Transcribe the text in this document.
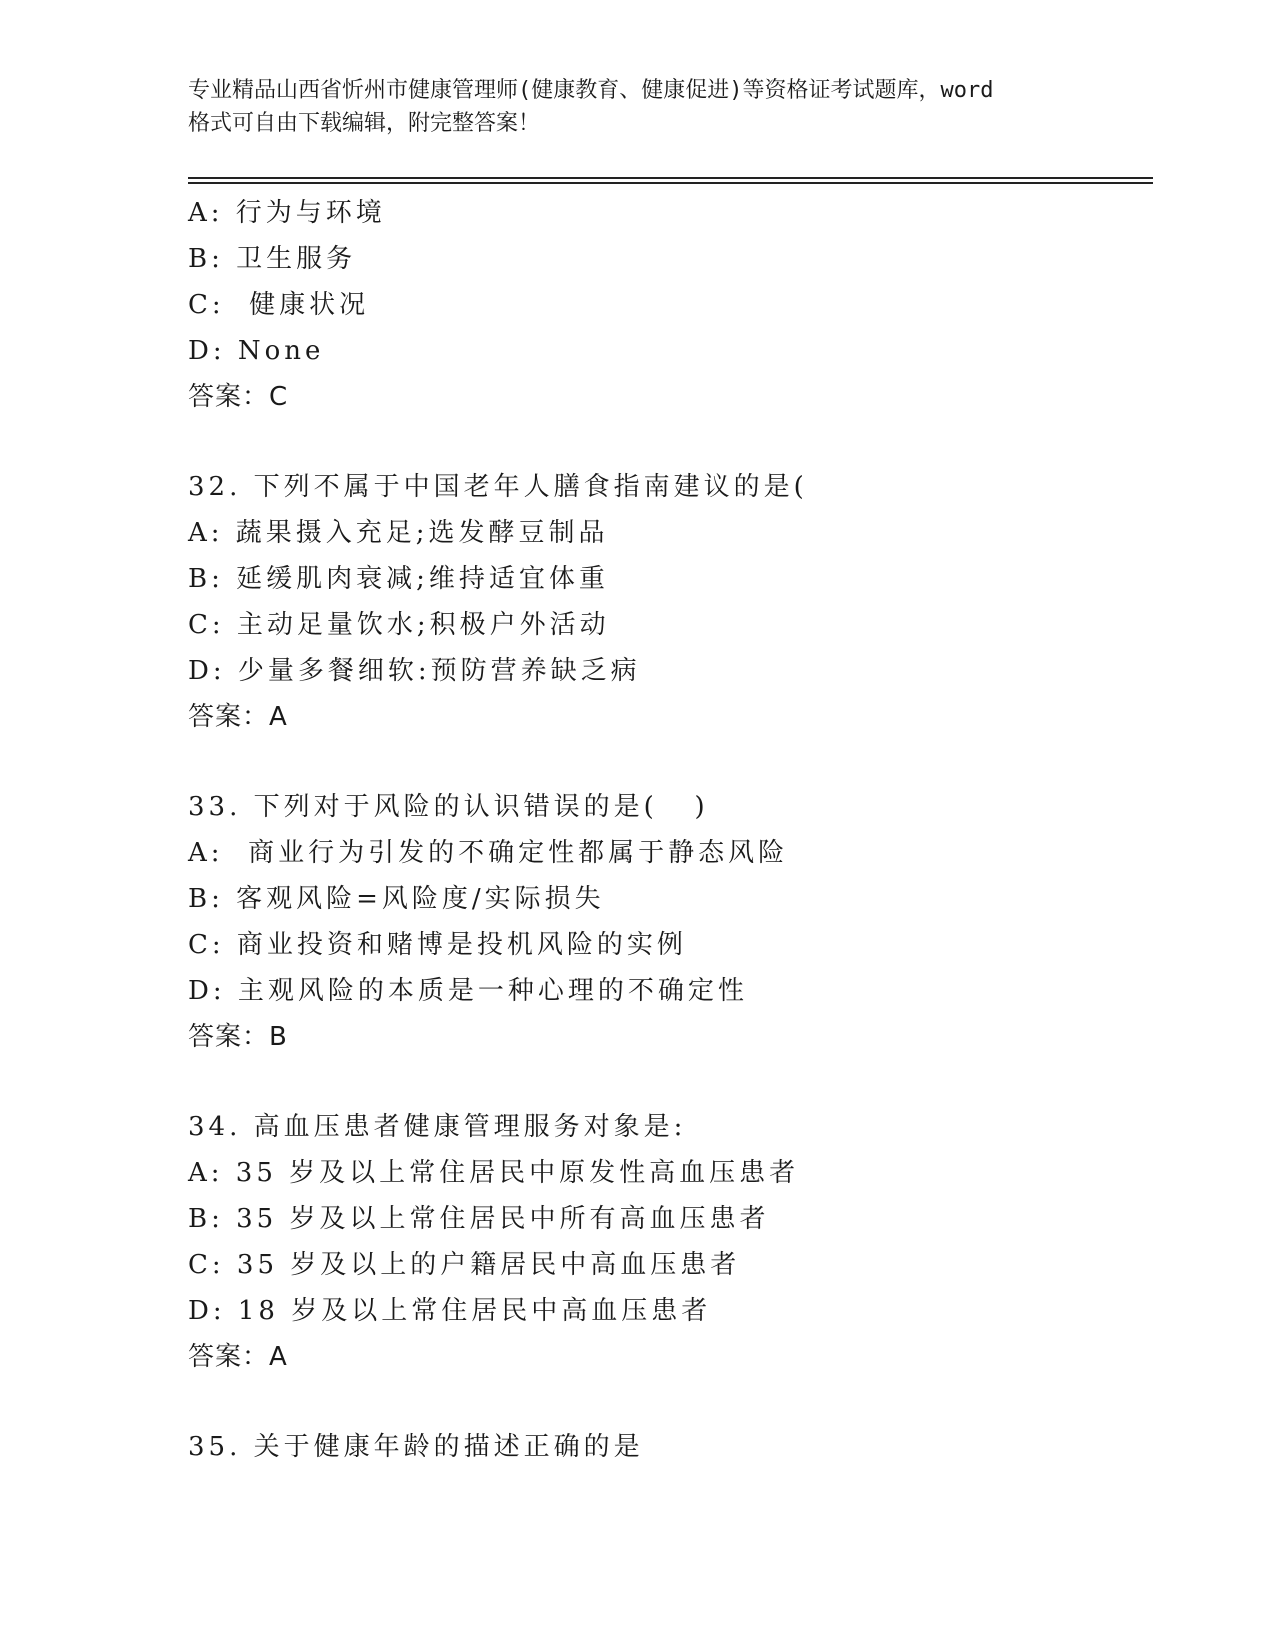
专业精品山西省忻州市健康管理师(健康教育、健康促进)等资格证考试题库，word
格式可自由下载编辑，附完整答案！
A: 行为与环境
B: 卫生服务
C:  健康状况
D: None
答案：C
32. 下列不属于中国老年人膳食指南建议的是(
A: 蔬果摄入充足;选发酵豆制品
B: 延缓肌肉衰减;维持适宜体重
C: 主动足量饮水;积极户外活动
D: 少量多餐细软:预防营养缺乏病
答案：A
33. 下列对于风险的认识错误的是(   )
A:  商业行为引发的不确定性都属于静态风险
B: 客观风险=风险度/实际损失
C: 商业投资和赌博是投机风险的实例
D: 主观风险的本质是一种心理的不确定性
答案：B
34. 高血压患者健康管理服务对象是:
A: 35 岁及以上常住居民中原发性高血压患者
B: 35 岁及以上常住居民中所有高血压患者
C: 35 岁及以上的户籍居民中高血压患者
D: 18 岁及以上常住居民中高血压患者
答案：A
35. 关于健康年龄的描述正确的是
